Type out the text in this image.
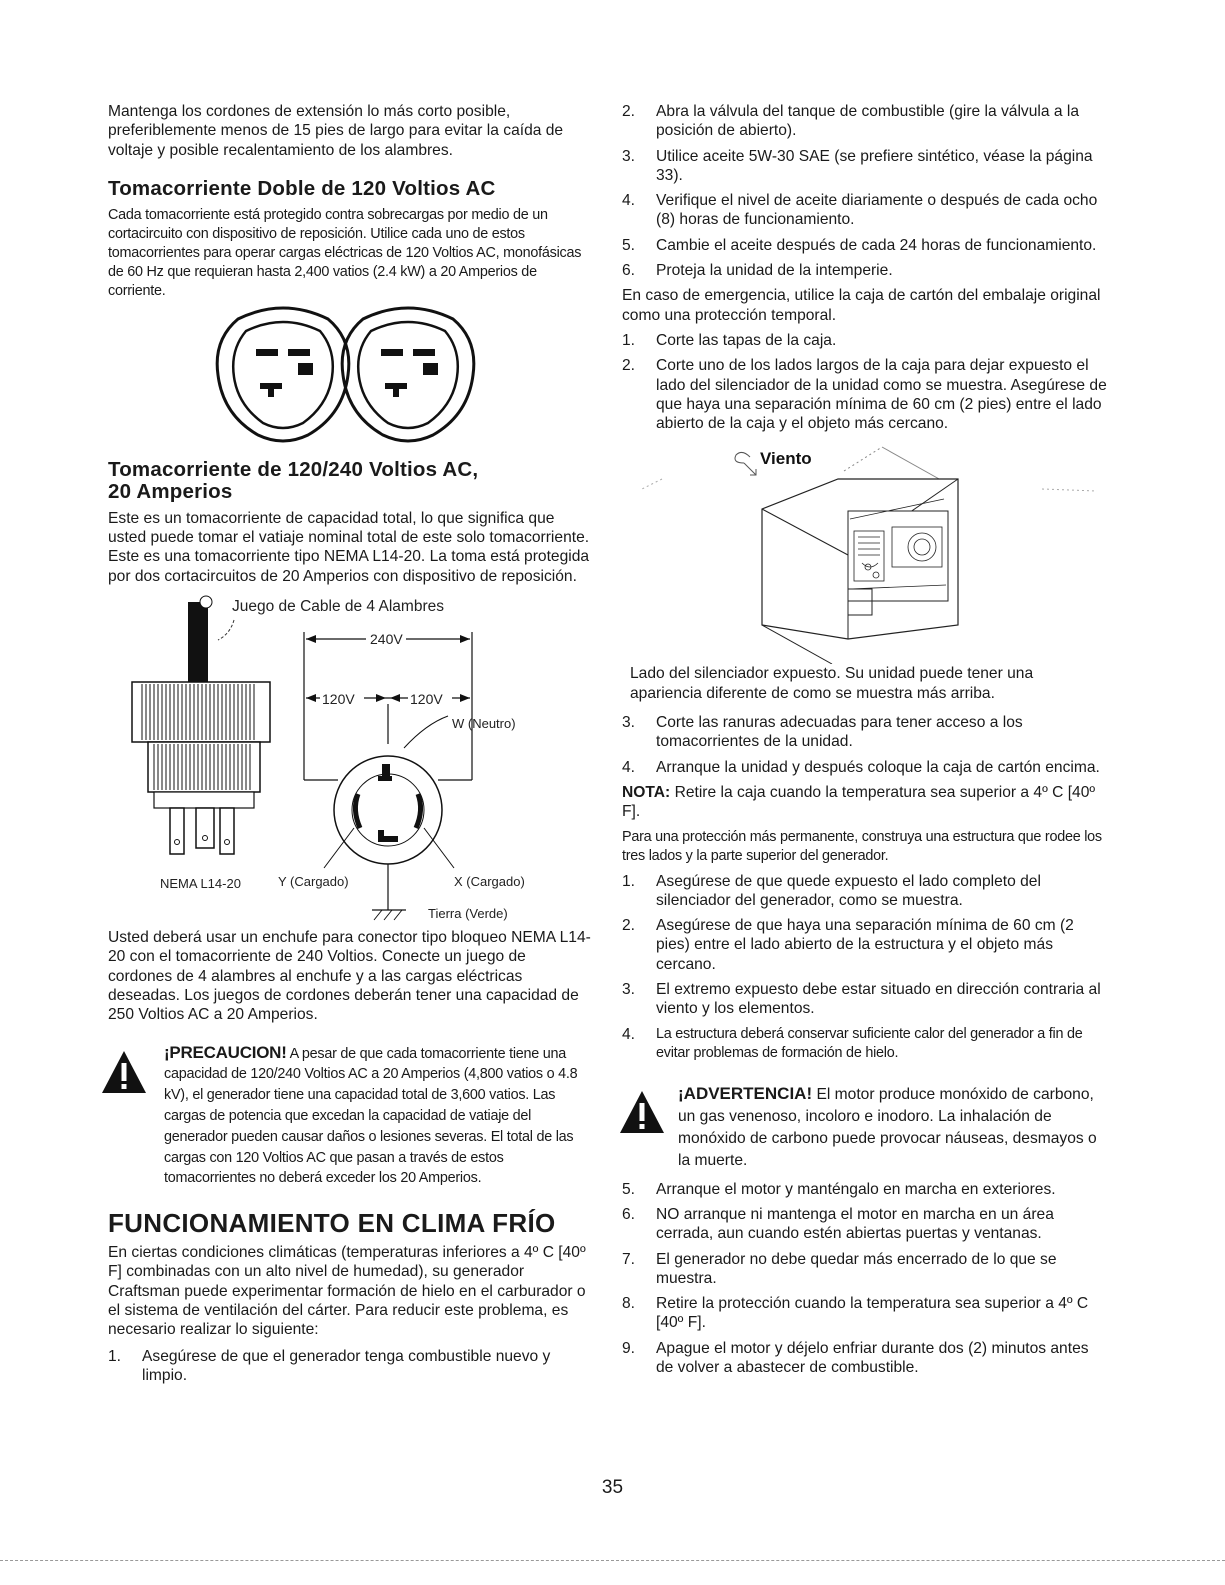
Mantenga los cordones de extensión lo más corto posible, preferiblemente menos de 15 pies de largo para evitar la caída de voltaje y posible recalentamiento de los alambres.

Tomacorriente Doble de 120 Voltios AC

Cada tomacorriente está protegido contra sobrecargas por medio de un cortacircuito con dispositivo de reposición. Utilice cada uno de estos tomacorrientes para operar cargas eléctricas de 120 Voltios AC, monofásicas de 60 Hz que requieran hasta 2,400 vatios (2.4 kW) a 20 Amperios de corriente.

Tomacorriente de 120/240 Voltios AC,
20 Amperios

Este es un tomacorriente de capacidad total, lo que significa que usted puede tomar el vatiaje nominal total de este solo tomacorriente. Este es una tomacorriente tipo NEMA L14-20. La toma está protegida por dos cortacircuitos de 20 Amperios con dispositivo de reposición.

Juego de Cable de 4 Alambres
NEMA L14-20
240V
120V	120V
W (Neutro)
Y (Cargado)	X (Cargado)
Tierra (Verde)

Usted deberá usar un enchufe para conector tipo bloqueo NEMA L14-20 con el tomacorriente de 240 Voltios. Conecte un juego de cordones de 4 alambres al enchufe y a las cargas eléctricas deseadas. Los juegos de cordones deberán tener una capacidad de 250 Voltios AC a 20 Amperios.

¡PRECAUCION! A pesar de que cada tomacorriente tiene una capacidad de 120/240 Voltios AC a 20 Amperios (4,800 vatios o 4.8 kV), el generador tiene una capacidad total de 3,600 vatios. Las cargas de potencia que excedan la capacidad de vatiaje del generador pueden causar daños o lesiones severas. El total de las cargas con 120 Voltios AC que pasan a través de estos tomacorrientes no deberá exceder los 20 Amperios.

FUNCIONAMIENTO EN CLIMA FRÍO

En ciertas condiciones climáticas (temperaturas inferiores a 4º C [40º F] combinadas con un alto nivel de humedad), su generador Craftsman puede experimentar formación de hielo en el carburador o el sistema de ventilación del cárter. Para reducir este problema, es necesario realizar lo siguiente:

1.	Asegúrese de que el generador tenga combustible nuevo y limpio.
2.	Abra la válvula del tanque de combustible (gire la válvula a la posición de abierto).
3.	Utilice aceite 5W-30 SAE (se prefiere sintético, véase la página 33).
4.	Verifique el nivel de aceite diariamente o después de cada ocho (8) horas de funcionamiento.
5.	Cambie el aceite después de cada 24 horas de funcionamiento.
6.	Proteja la unidad de la intemperie.

En caso de emergencia, utilice la caja de cartón del embalaje original como una protección temporal.

1.	Corte las tapas de la caja.
2.	Corte uno de los lados largos de la caja para dejar expuesto el lado del silenciador de la unidad como se muestra. Asegúrese de que haya una separación mínima de 60 cm (2 pies) entre el lado abierto de la caja y el objeto más cercano.
Viento

Lado del silenciador expuesto. Su unidad puede tener una apariencia diferente de como se muestra más arriba.

3.	Corte las ranuras adecuadas para tener acceso a los tomacorrientes de la unidad.
4.	Arranque la unidad y después coloque la caja de cartón encima.

NOTA: Retire la caja cuando la temperatura sea superior a 4º C [40º F].

Para una protección más permanente, construya una estructura que rodee los tres lados y la parte superior del generador.

1.	Asegúrese de que quede expuesto el lado completo del silenciador del generador, como se muestra.
2.	Asegúrese de que haya una separación mínima de 60 cm (2 pies) entre el lado abierto de la estructura y el objeto más cercano.
3.	El extremo expuesto debe estar situado en dirección contraria al viento y los elementos.
4.	La estructura deberá conservar suficiente calor del generador a fin de evitar problemas de formación de hielo.

¡ADVERTENCIA! El motor produce monóxido de carbono, un gas venenoso, incoloro e inodoro. La inhalación de monóxido de carbono puede provocar náuseas, desmayos o la muerte.

5.	Arranque el motor y manténgalo en marcha en exteriores.
6.	NO arranque ni mantenga el motor en marcha en un área cerrada, aun cuando estén abiertas puertas y ventanas.
7.	El generador no debe quedar más encerrado de lo que se muestra.
8.	Retire la protección cuando la temperatura sea superior a 4º C [40º F].
9.	Apague el motor y déjelo enfriar durante dos (2) minutos antes de volver a abastecer de combustible.
35
